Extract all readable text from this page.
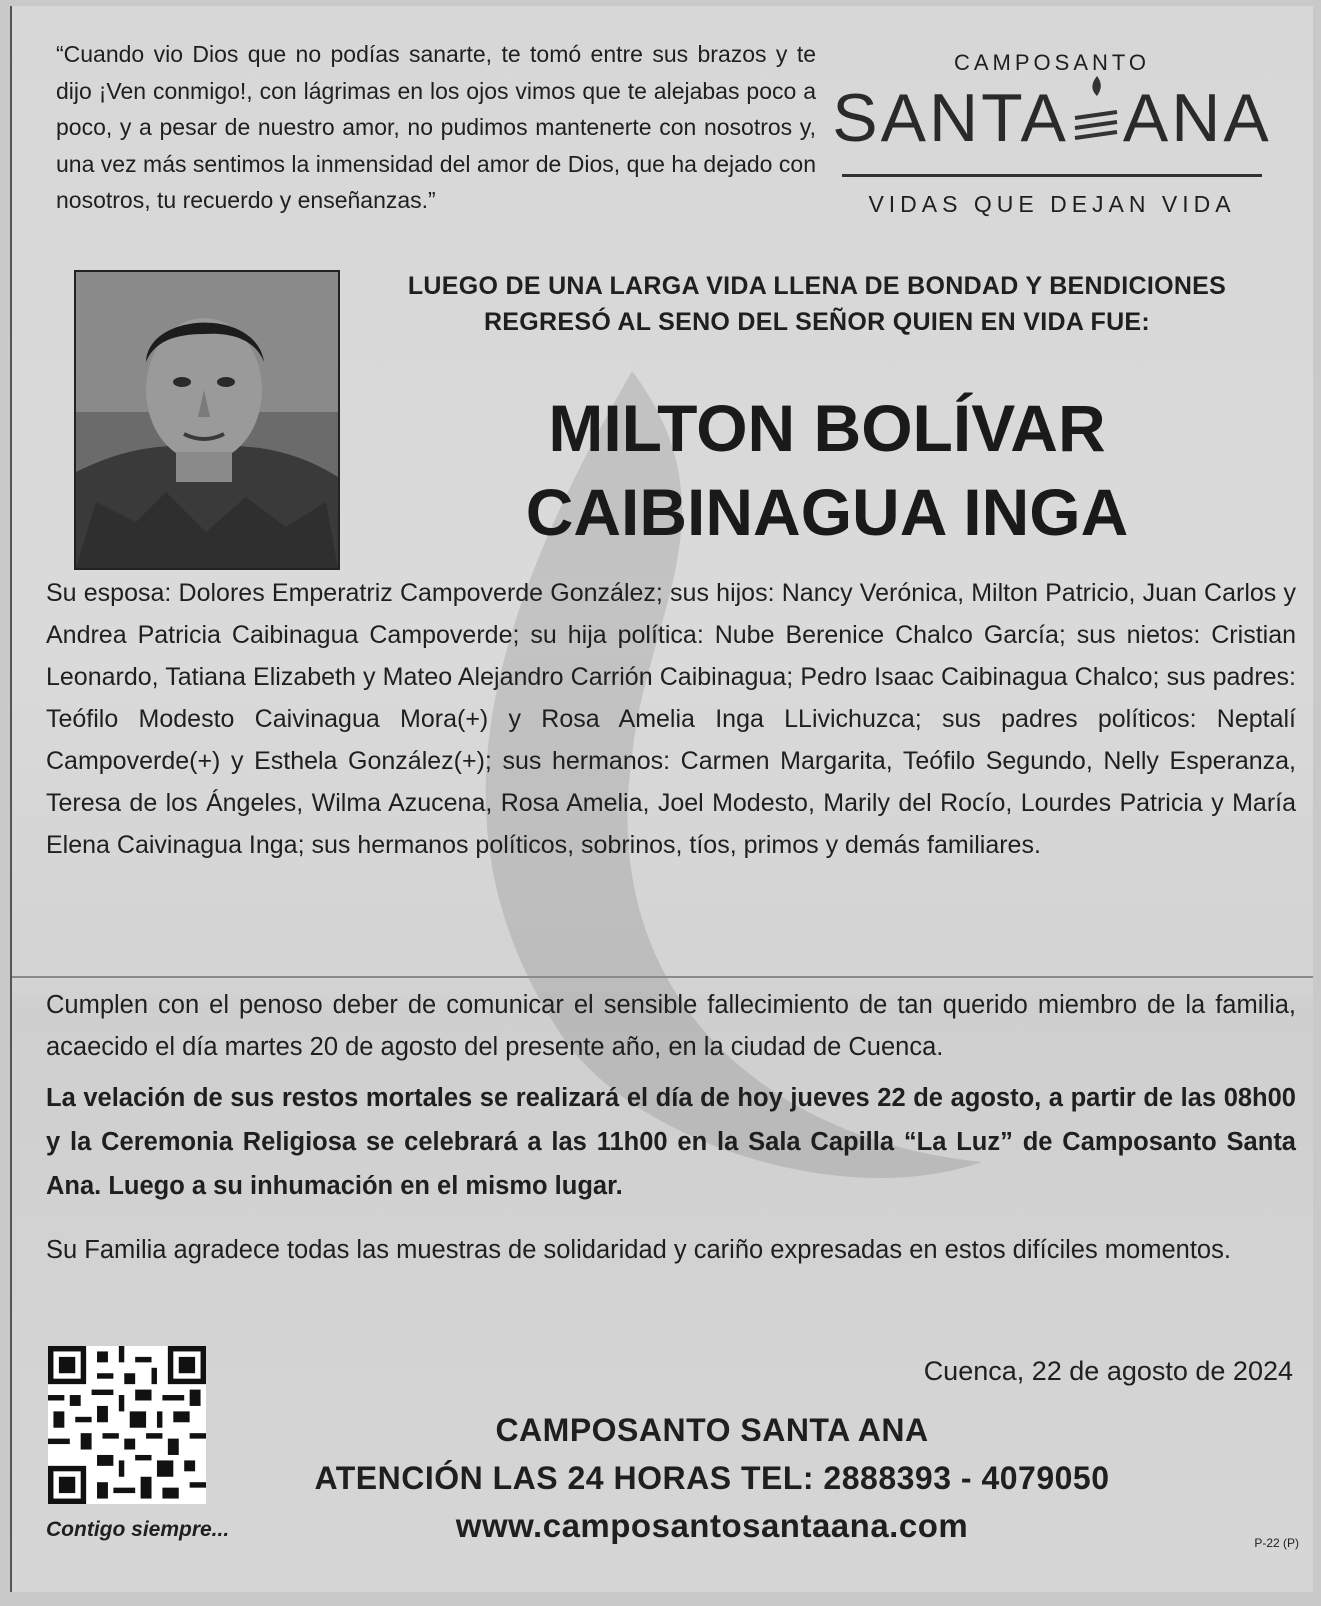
“Cuando vio Dios que no podías sanarte, te tomó entre sus brazos y te dijo ¡Ven conmigo!, con lágrimas en los ojos vimos que te alejabas poco a poco, y a pesar de nuestro amor, no pudimos mantenerte con nosotros y, una vez más sentimos la inmensidad del amor de Dios, que ha dejado con nosotros, tu recuerdo y enseñanzas.”
CAMPOSANTO
SANTA ANA
VIDAS QUE DEJAN VIDA
LUEGO DE UNA LARGA VIDA LLENA DE BONDAD Y BENDICIONES
REGRESÓ AL SENO DEL SEÑOR QUIEN EN VIDA FUE:
MILTON BOLÍVAR
CAIBINAGUA INGA
Su esposa: Dolores Emperatriz Campoverde González; sus hijos: Nancy Verónica, Milton Patricio, Juan Carlos y Andrea Patricia Caibinagua Campoverde; su hija política: Nube Berenice Chalco García; sus nietos: Cristian Leonardo, Tatiana Elizabeth y Mateo Alejandro Carrión Caibinagua; Pedro Isaac Caibinagua Chalco; sus padres: Teófilo Modesto Caivinagua Mora(+) y Rosa Amelia Inga LLivichuzca; sus padres políticos: Neptalí Campoverde(+) y Esthela González(+); sus hermanos: Carmen Margarita, Teófilo Segundo, Nelly Esperanza, Teresa de los Ángeles, Wilma Azucena, Rosa Amelia, Joel Modesto, Marily del Rocío, Lourdes Patricia y María Elena Caivinagua Inga; sus hermanos políticos, sobrinos, tíos, primos y demás familiares.
Cumplen con el penoso deber de comunicar el sensible fallecimiento de tan querido miembro de la familia, acaecido el día martes 20 de agosto del presente año, en la ciudad de Cuenca.
La velación de sus restos mortales se realizará el día de hoy jueves 22 de agosto, a partir de las 08h00 y la Ceremonia Religiosa se celebrará a las 11h00 en la Sala Capilla “La Luz” de Camposanto Santa Ana. Luego a su inhumación en el mismo lugar.
Su Familia agradece todas las muestras de solidaridad y cariño expresadas en estos difíciles momentos.
Cuenca, 22 de agosto de 2024
Contigo siempre...
CAMPOSANTO SANTA ANA
ATENCIÓN LAS 24 HORAS TEL: 2888393 - 4079050
www.camposantosantaana.com	P-22 (P)
